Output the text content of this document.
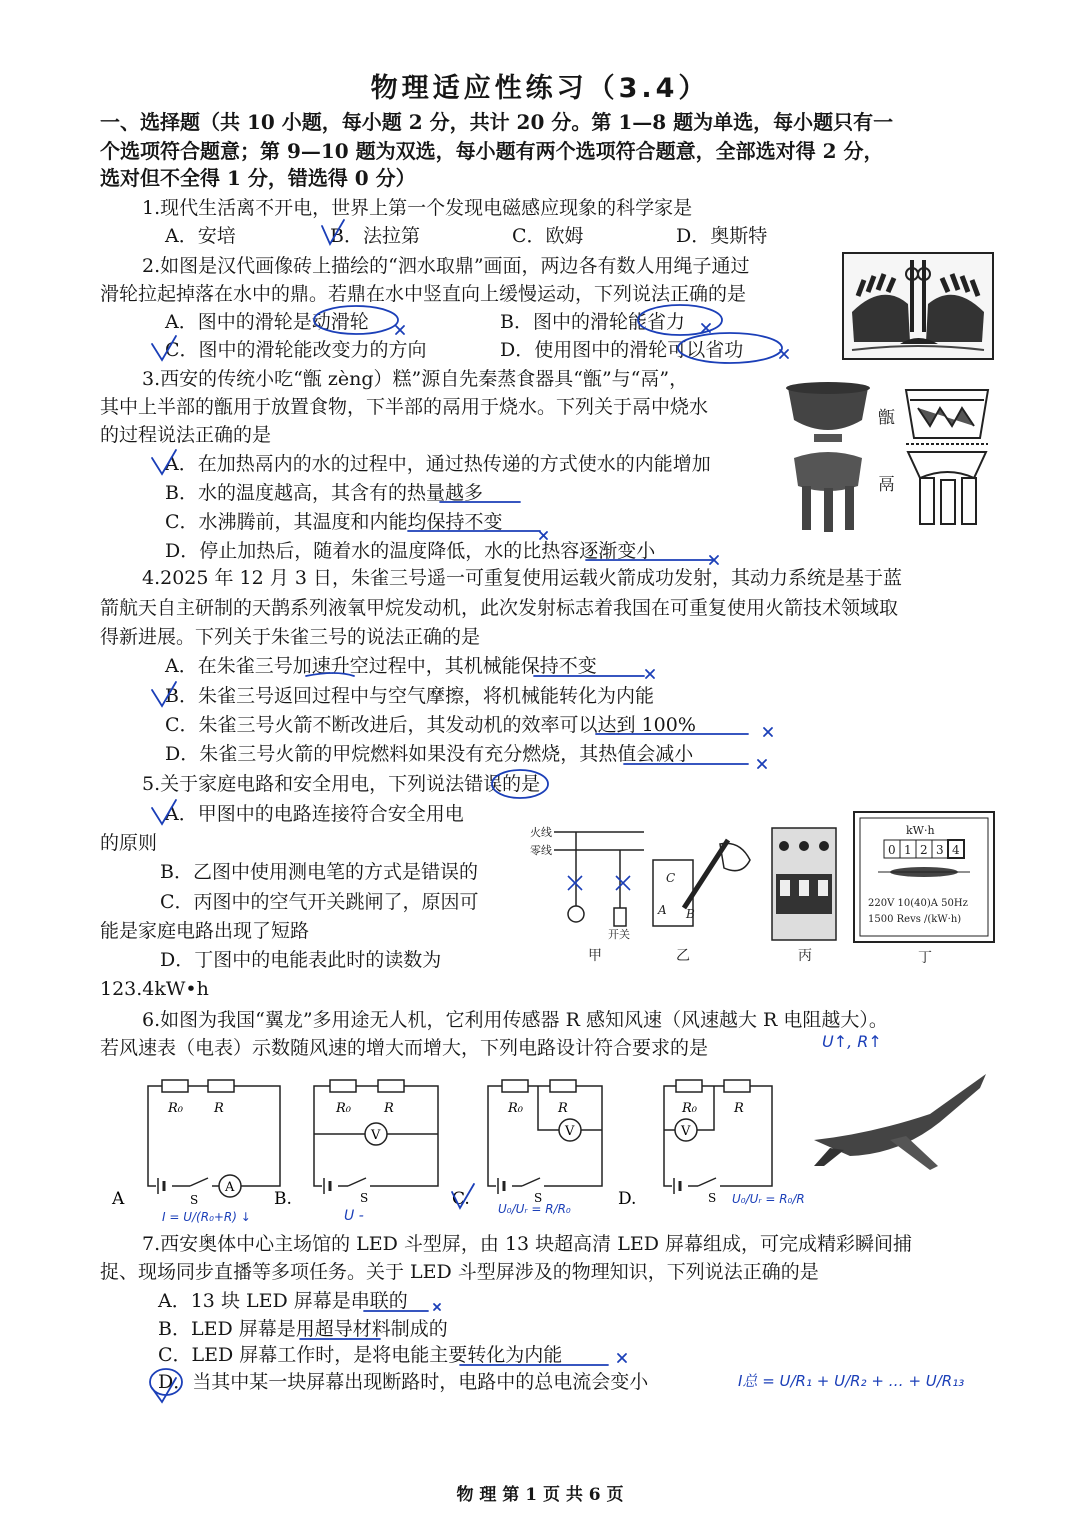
物理适应性练习（3.4）
一、选择题（共 10 小题，每小题 2 分，共计 20 分。第 1—8 题为单选，每小题只有一
个选项符合题意；第 9—10 题为双选，每小题有两个选项符合题意，全部选对得 2 分，
选对但不全得 1 分，错选得 0 分）
1.现代生活离不开电，世界上第一个发现电磁感应现象的科学家是
A．安培	B．法拉第	C．欧姆	D．奥斯特
2.如图是汉代画像砖上描绘的“泗水取鼎”画面，两边各有数人用绳子通过
滑轮拉起掉落在水中的鼎。若鼎在水中竖直向上缓慢运动，下列说法正确的是
A．图中的滑轮是动滑轮	B．图中的滑轮能省力
C．图中的滑轮能改变力的方向	D．使用图中的滑轮可以省功
3.西安的传统小吃“甑 zèng）糕”源自先秦蒸食器具“甑”与“鬲”，
其中上半部的甑用于放置食物，下半部的鬲用于烧水。下列关于鬲中烧水
的过程说法正确的是
A．在加热鬲内的水的过程中，通过热传递的方式使水的内能增加
B．水的温度越高，其含有的热量越多
C．水沸腾前，其温度和内能均保持不变
D．停止加热后，随着水的温度降低，水的比热容逐渐变小
甑
鬲
4.2025 年 12 月 3 日，朱雀三号遥一可重复使用运载火箭成功发射，其动力系统是基于蓝
箭航天自主研制的天鹊系列液氧甲烷发动机，此次发射标志着我国在可重复使用火箭技术领域取
得新进展。下列关于朱雀三号的说法正确的是
A．在朱雀三号加速升空过程中，其机械能保持不变
B．朱雀三号返回过程中与空气摩擦，将机械能转化为内能
C．朱雀三号火箭不断改进后，其发动机的效率可以达到 100%
D．朱雀三号火箭的甲烷燃料如果没有充分燃烧，其热值会减小
5.关于家庭电路和安全用电，下列说法错误的是
A．甲图中的电路连接符合安全用电
的原则
B．乙图中使用测电笔的方式是错误的
C．丙图中的空气开关跳闸了，原因可
能是家庭电路出现了短路
D．丁图中的电能表此时的读数为
123.4kW•h
火线
零线
开关
甲
C
A B
乙	丙
kW·h
0 1 2 3 4
220V 10(40)A 50Hz
1500 Revs /(kW·h)
丁
6.如图为我国“翼龙”多用途无人机，它利用传感器 R 感知风速（风速越大 R 电阻越大）。
若风速表（电表）示数随风速的增大而增大，下列电路设计符合要求的是
R₀ R
A
S
A
R₀	R
V
S
B.
R₀	R
V
S
C.
R₀	R
V
S
D.
7.西安奥体中心主场馆的 LED 斗型屏，由 13 块超高清 LED 屏幕组成，可完成精彩瞬间捕
捉、现场同步直播等多项任务。关于 LED 斗型屏涉及的物理知识，下列说法正确的是
A．13 块 LED 屏幕是串联的
B．LED 屏幕是用超导材料制成的
C．LED 屏幕工作时，是将电能主要转化为内能
D．当其中某一块屏幕出现断路时，电路中的总电流会变小
U↑, R↑
I = U/(R₀+R) ↓	U -	U₀/Uᵣ = R/R₀
U₀/Uᵣ = R₀/R
I总 = U/R₁ + U/R₂ + … + U/R₁₃
物 理 第 1 页 共 6 页
